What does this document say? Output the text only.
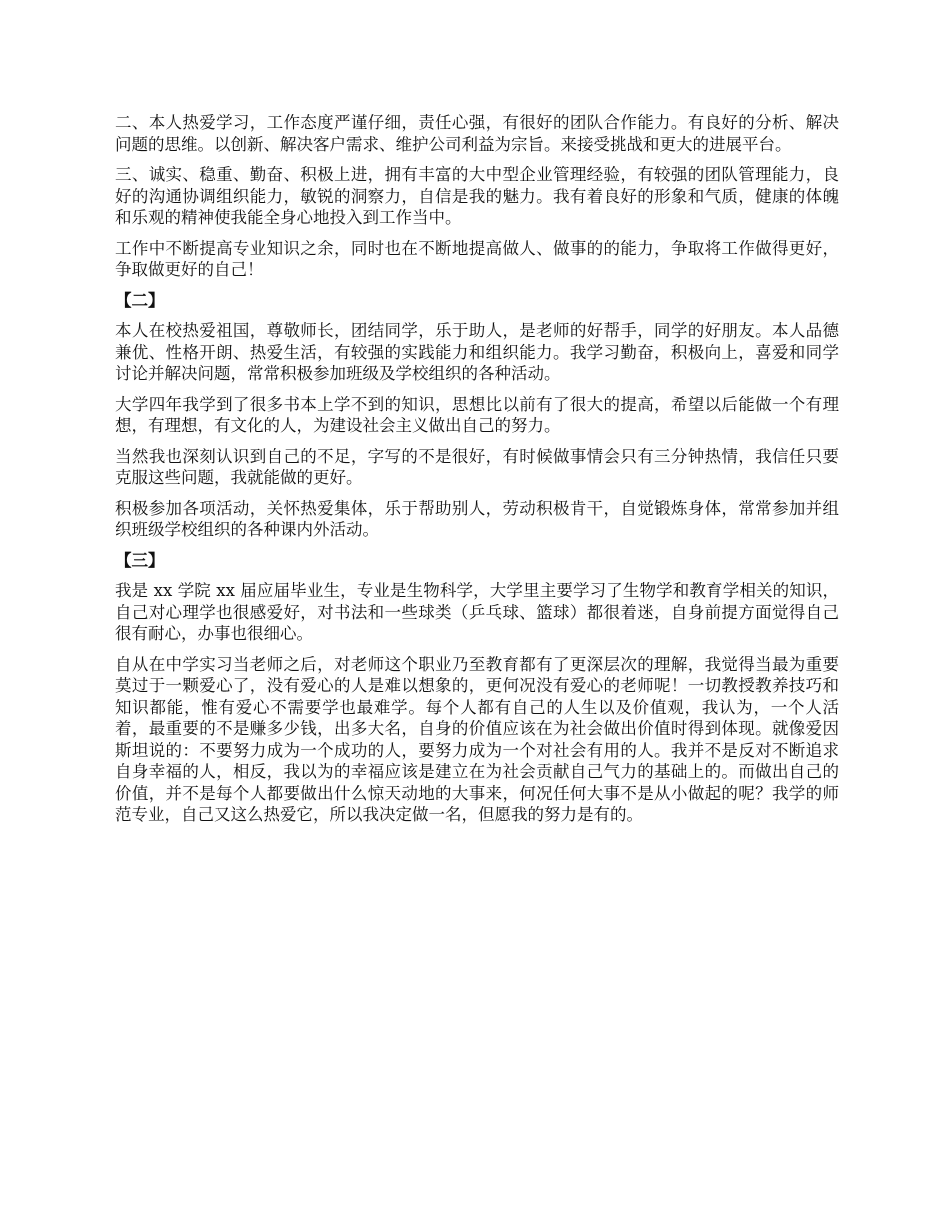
二、本人热爱学习，工作态度严谨仔细，责任心强，有很好的团队合作能力。有良好的分析、解决问题的思维。以创新、解决客户需求、维护公司利益为宗旨。来接受挑战和更大的进展平台。

三、诚实、稳重、勤奋、积极上进，拥有丰富的大中型企业管理经验，有较强的团队管理能力，良好的沟通协调组织能力，敏锐的洞察力，自信是我的魅力。我有着良好的形象和气质，健康的体魄和乐观的精神使我能全身心地投入到工作当中。

工作中不断提高专业知识之余，同时也在不断地提高做人、做事的的能力，争取将工作做得更好，争取做更好的自己！

【二】

本人在校热爱祖国，尊敬师长，团结同学，乐于助人，是老师的好帮手，同学的好朋友。本人品德兼优、性格开朗、热爱生活，有较强的实践能力和组织能力。我学习勤奋，积极向上，喜爱和同学讨论并解决问题，常常积极参加班级及学校组织的各种活动。

大学四年我学到了很多书本上学不到的知识，思想比以前有了很大的提高，希望以后能做一个有理想，有理想，有文化的人，为建设社会主义做出自己的努力。

当然我也深刻认识到自己的不足，字写的不是很好，有时候做事情会只有三分钟热情，我信任只要克服这些问题，我就能做的更好。

积极参加各项活动，关怀热爱集体，乐于帮助别人，劳动积极肯干，自觉锻炼身体，常常参加并组织班级学校组织的各种课内外活动。

【三】

我是 xx 学院 xx 届应届毕业生，专业是生物科学，大学里主要学习了生物学和教育学相关的知识，自己对心理学也很感爱好，对书法和一些球类（乒乓球、篮球）都很着迷，自身前提方面觉得自己很有耐心，办事也很细心。

自从在中学实习当老师之后，对老师这个职业乃至教育都有了更深层次的理解，我觉得当最为重要莫过于一颗爱心了，没有爱心的人是难以想象的，更何况没有爱心的老师呢！一切教授教养技巧和知识都能，惟有爱心不需要学也最难学。每个人都有自己的人生以及价值观，我认为，一个人活着，最重要的不是赚多少钱，出多大名，自身的价值应该在为社会做出价值时得到体现。就像爱因斯坦说的：不要努力成为一个成功的人，要努力成为一个对社会有用的人。我并不是反对不断追求自身幸福的人，相反，我以为的幸福应该是建立在为社会贡献自己气力的基础上的。而做出自己的价值，并不是每个人都要做出什么惊天动地的大事来，何况任何大事不是从小做起的呢？我学的师范专业，自己又这么热爱它，所以我决定做一名，但愿我的努力是有的。
